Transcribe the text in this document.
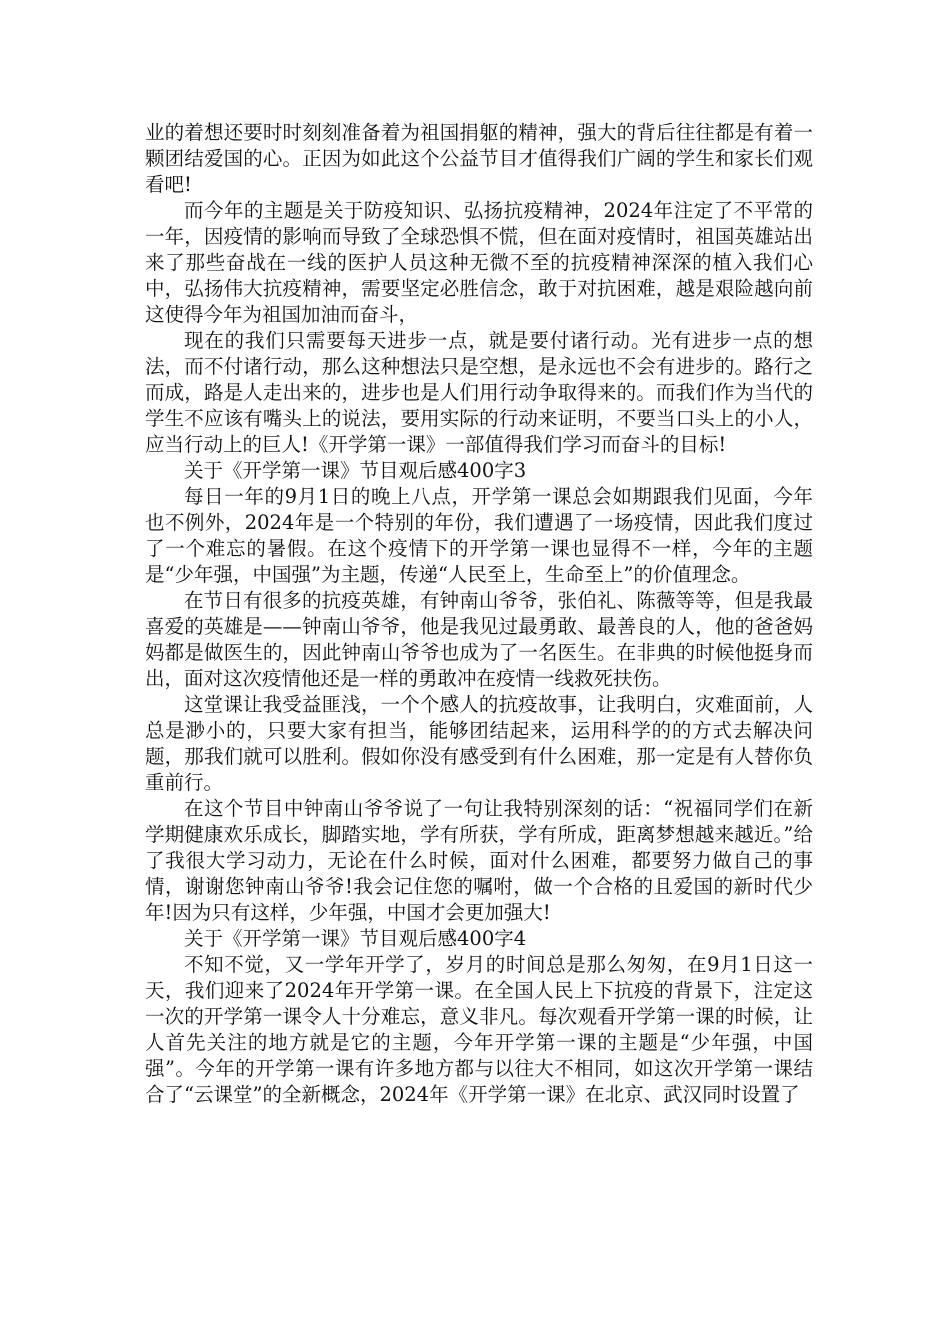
业的着想还要时时刻刻准备着为祖国捐躯的精神，强大的背后往往都是有着一颗团结爱国的心。正因为如此这个公益节目才值得我们广阔的学生和家长们观看吧!

而今年的主题是关于防疫知识、弘扬抗疫精神，2024年注定了不平常的一年，因疫情的影响而导致了全球恐惧不慌，但在面对疫情时，祖国英雄站出来了那些奋战在一线的医护人员这种无微不至的抗疫精神深深的植入我们心中，弘扬伟大抗疫精神，需要坚定必胜信念，敢于对抗困难，越是艰险越向前这使得今年为祖国加油而奋斗，

现在的我们只需要每天进步一点，就是要付诸行动。光有进步一点的想法，而不付诸行动，那么这种想法只是空想，是永远也不会有进步的。路行之而成，路是人走出来的，进步也是人们用行动争取得来的。而我们作为当代的学生不应该有嘴头上的说法，要用实际的行动来证明，不要当口头上的小人，应当行动上的巨人!《开学第一课》一部值得我们学习而奋斗的目标!

关于《开学第一课》节目观后感400字3

每日一年的9月1日的晚上八点，开学第一课总会如期跟我们见面，今年也不例外，2024年是一个特别的年份，我们遭遇了一场疫情，因此我们度过了一个难忘的暑假。在这个疫情下的开学第一课也显得不一样，今年的主题是“少年强，中国强”为主题，传递“人民至上，生命至上”的价值理念。

在节日有很多的抗疫英雄，有钟南山爷爷，张伯礼、陈薇等等，但是我最喜爱的英雄是——钟南山爷爷，他是我见过最勇敢、最善良的人，他的爸爸妈妈都是做医生的，因此钟南山爷爷也成为了一名医生。在非典的时候他挺身而出，面对这次疫情他还是一样的勇敢冲在疫情一线救死扶伤。

这堂课让我受益匪浅，一个个感人的抗疫故事，让我明白，灾难面前，人总是渺小的，只要大家有担当，能够团结起来，运用科学的的方式去解决问题，那我们就可以胜利。假如你没有感受到有什么困难，那一定是有人替你负重前行。

在这个节目中钟南山爷爷说了一句让我特别深刻的话：“祝福同学们在新学期健康欢乐成长，脚踏实地，学有所获，学有所成，距离梦想越来越近。”给了我很大学习动力，无论在什么时候，面对什么困难，都要努力做自己的事情，谢谢您钟南山爷爷!我会记住您的嘱咐，做一个合格的且爱国的新时代少年!因为只有这样，少年强，中国才会更加强大!

关于《开学第一课》节目观后感400字4

不知不觉，又一学年开学了，岁月的时间总是那么匆匆，在9月1日这一天，我们迎来了2024年开学第一课。在全国人民上下抗疫的背景下，注定这一次的开学第一课令人十分难忘，意义非凡。每次观看开学第一课的时候，让人首先关注的地方就是它的主题，今年开学第一课的主题是“少年强，中国强”。今年的开学第一课有许多地方都与以往大不相同，如这次开学第一课结合了“云课堂”的全新概念，2024年《开学第一课》在北京、武汉同时设置了
